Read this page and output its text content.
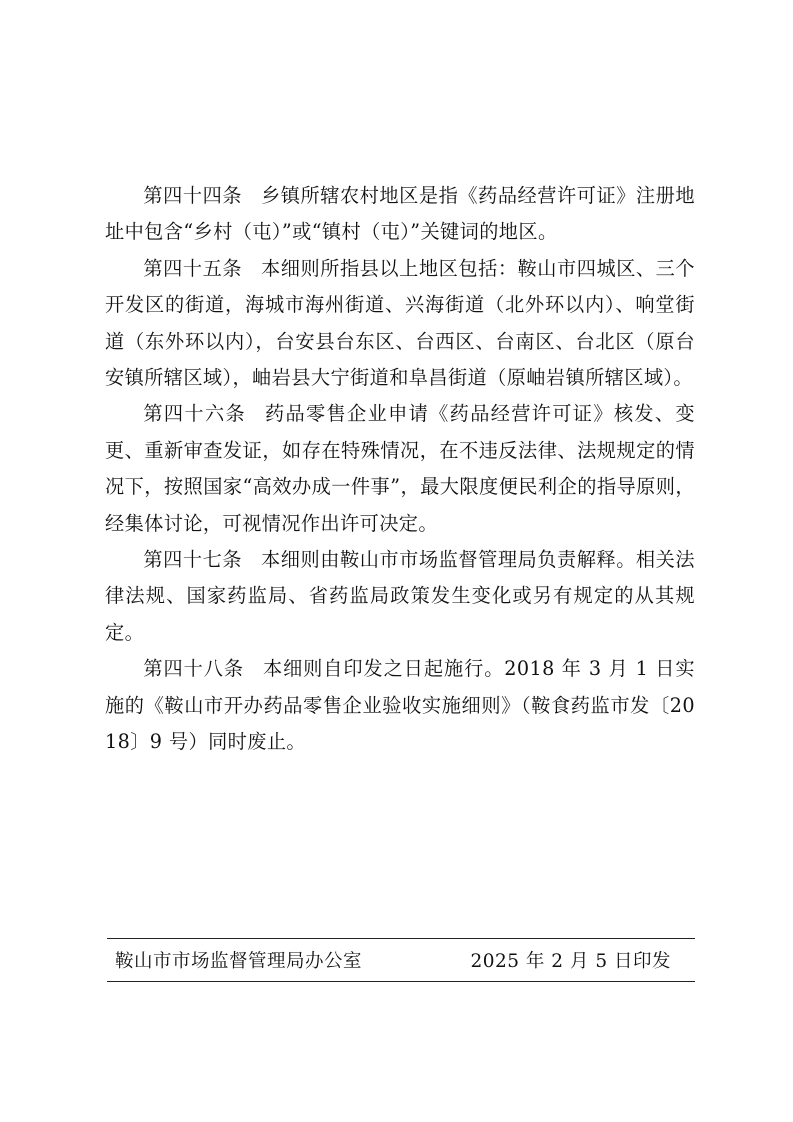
第四十四条 乡镇所辖农村地区是指《药品经营许可证》注册地址中包含“乡村（屯）”或“镇村（屯）”关键词的地区。

第四十五条 本细则所指县以上地区包括：鞍山市四城区、三个开发区的街道，海城市海州街道、兴海街道（北外环以内）、响堂街道（东外环以内），台安县台东区、台西区、台南区、台北区（原台安镇所辖区域），岫岩县大宁街道和阜昌街道（原岫岩镇所辖区域）。

第四十六条 药品零售企业申请《药品经营许可证》核发、变更、重新审查发证，如存在特殊情况，在不违反法律、法规规定的情况下，按照国家“高效办成一件事”，最大限度便民利企的指导原则，经集体讨论，可视情况作出许可决定。

第四十七条 本细则由鞍山市市场监督管理局负责解释。相关法律法规、国家药监局、省药监局政策发生变化或另有规定的从其规定。

第四十八条 本细则自印发之日起施行。2018 年 3 月 1 日实施的《鞍山市开办药品零售企业验收实施细则》（鞍食药监市发〔2018〕9 号）同时废止。

鞍山市市场监督管理局办公室	2025 年 2 月 5 日印发
